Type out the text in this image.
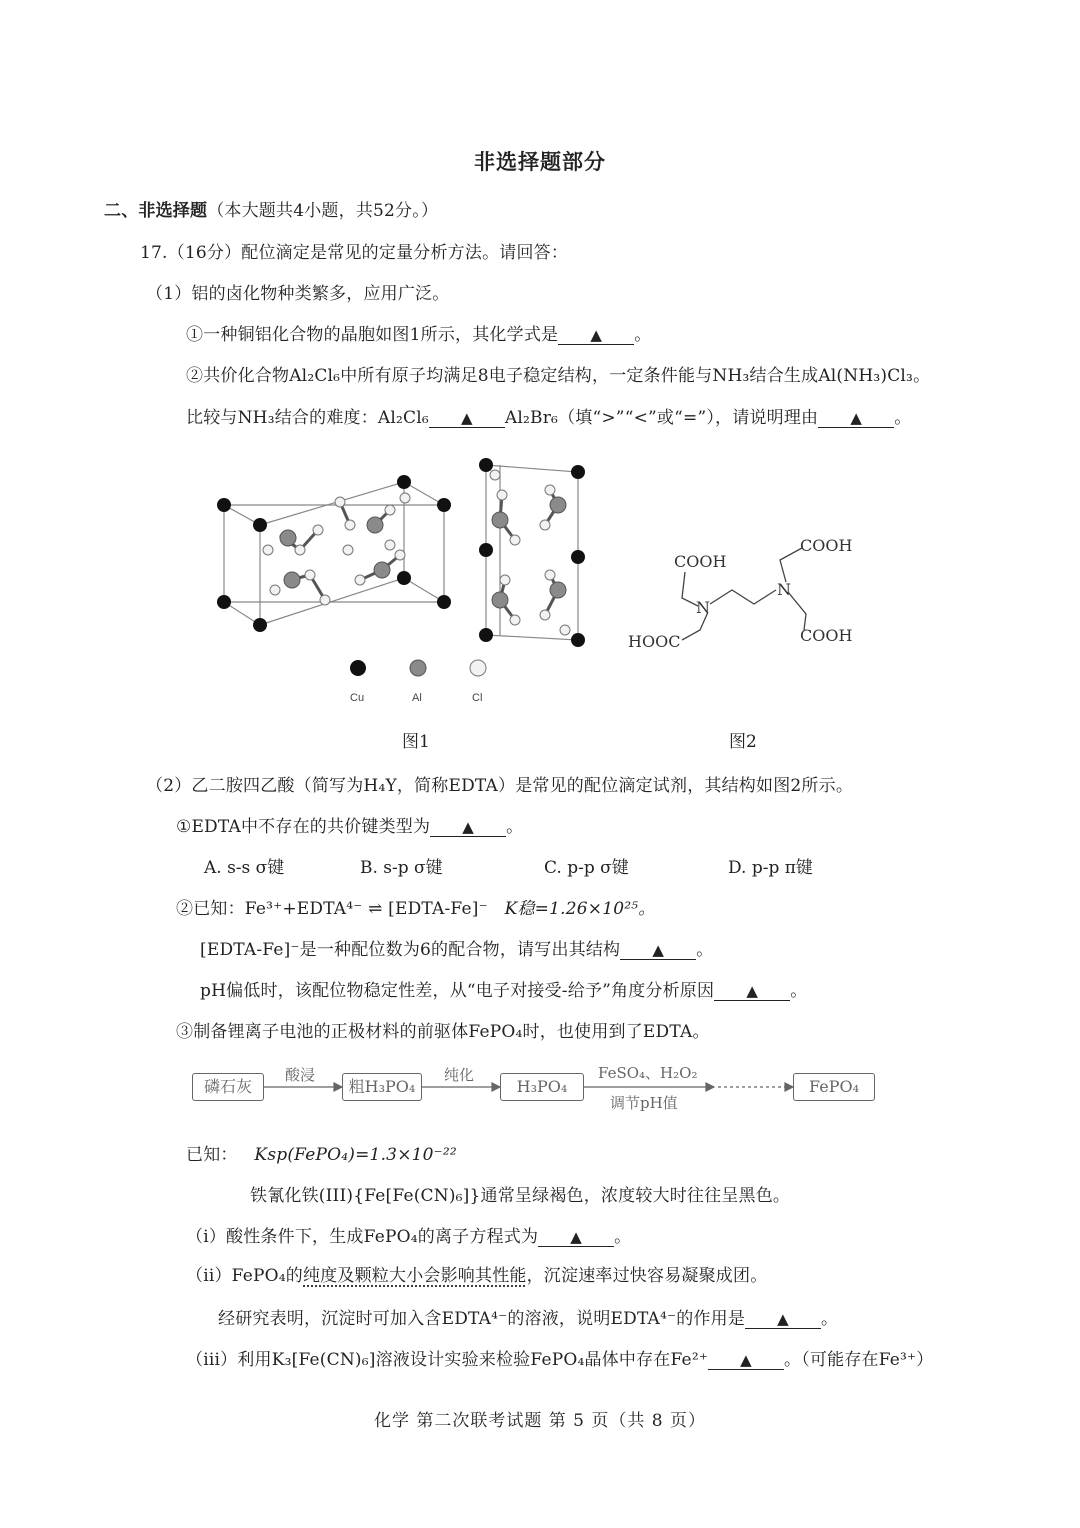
非选择题部分
二、非选择题（本大题共4小题，共52分。）
17.（16分）配位滴定是常见的定量分析方法。请回答：
（1）铝的卤化物种类繁多，应用广泛。
①一种铜铝化合物的晶胞如图1所示，其化学式是 ▲ 。
②共价化合物Al₂Cl₆中所有原子均满足8电子稳定结构，一定条件能与NH₃结合生成Al(NH₃)Cl₃。
比较与NH₃结合的难度：Al₂Cl₆ ▲ Al₂Br₆（填“>”“<”或“=”），请说明理由 ▲ 。
Cu	Al	Cl
COOH
COOH
HOOC	COOH
N
N
图1	图2
（2）乙二胺四乙酸（简写为H₄Y，简称EDTA）是常见的配位滴定试剂，其结构如图2所示。
①EDTA中不存在的共价键类型为 ▲ 。
A. s-s σ键	B. s-p σ键	C. p-p σ键	D. p-p π键
②已知：Fe³⁺+EDTA⁴⁻ ⇌ [EDTA-Fe]⁻ K稳=1.26×10²⁵。
[EDTA-Fe]⁻是一种配位数为6的配合物，请写出其结构 ▲ 。
pH偏低时，该配位物稳定性差，从“电子对接受-给予”角度分析原因 ▲ 。
③制备锂离子电池的正极材料的前驱体FePO₄时，也使用到了EDTA。
磷石灰	粗H₃PO₄	H₃PO₄	FePO₄
酸浸	纯化	FeSO₄、H₂O₂
调节pH值
已知： Ksp(FePO₄)=1.3×10⁻²²
铁氰化铁(III){Fe[Fe(CN)₆]}通常呈绿褐色，浓度较大时往往呈黑色。
（i）酸性条件下，生成FePO₄的离子方程式为 ▲ 。
（ii）FePO₄的纯度及颗粒大小会影响其性能，沉淀速率过快容易凝聚成团。
经研究表明，沉淀时可加入含EDTA⁴⁻的溶液，说明EDTA⁴⁻的作用是 ▲ 。
（iii）利用K₃[Fe(CN)₆]溶液设计实验来检验FePO₄晶体中存在Fe²⁺ ▲ 。（可能存在Fe³⁺）
化学 第二次联考试题 第 5 页（共 8 页）
